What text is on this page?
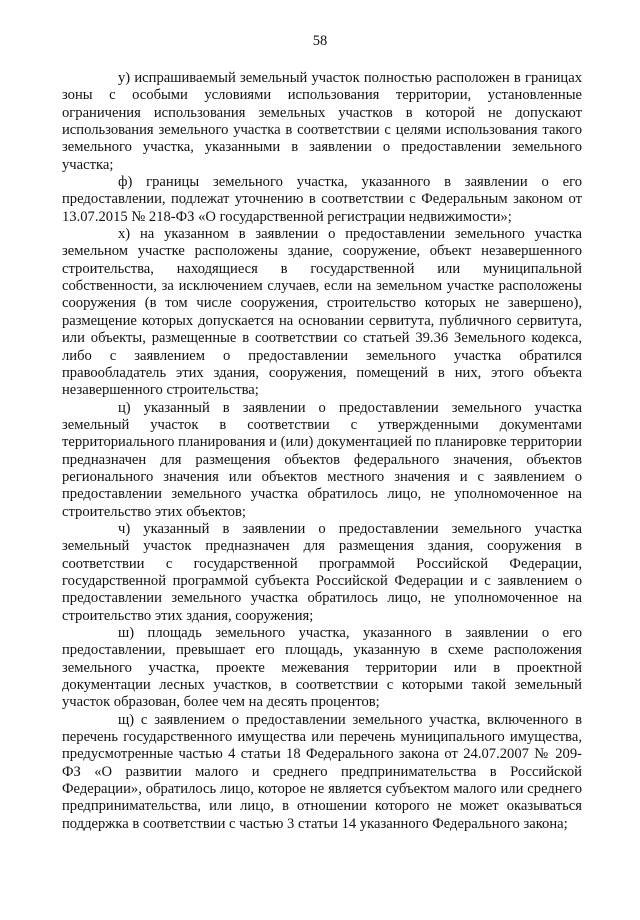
58

у) испрашиваемый земельный участок полностью расположен в границах зоны с особыми условиями использования территории, установленные ограничения использования земельных участков в которой не допускают использования земельного участка в соответствии с целями использования такого земельного участка, указанными в заявлении о предоставлении земельного участка;

ф) границы земельного участка, указанного в заявлении о его предоставлении, подлежат уточнению в соответствии с Федеральным законом от 13.07.2015 № 218-ФЗ «О государственной регистрации недвижимости»;

х) на указанном в заявлении о предоставлении земельного участка земельном участке расположены здание, сооружение, объект незавершенного строительства, находящиеся в государственной или муниципальной собственности, за исключением случаев, если на земельном участке расположены сооружения (в том числе сооружения, строительство которых не завершено), размещение которых допускается на основании сервитута, публичного сервитута, или объекты, размещенные в соответствии со статьей 39.36 Земельного кодекса, либо с заявлением о предоставлении земельного участка обратился правообладатель этих здания, сооружения, помещений в них, этого объекта незавершенного строительства;

ц) указанный в заявлении о предоставлении земельного участка земельный участок в соответствии с утвержденными документами территориального планирования и (или) документацией по планировке территории предназначен для размещения объектов федерального значения, объектов регионального значения или объектов местного значения и с заявлением о предоставлении земельного участка обратилось лицо, не уполномоченное на строительство этих объектов;

ч) указанный в заявлении о предоставлении земельного участка земельный участок предназначен для размещения здания, сооружения в соответствии с государственной программой Российской Федерации, государственной программой субъекта Российской Федерации и с заявлением о предоставлении земельного участка обратилось лицо, не уполномоченное на строительство этих здания, сооружения;

ш) площадь земельного участка, указанного в заявлении о его предоставлении, превышает его площадь, указанную в схеме расположения земельного участка, проекте межевания территории или в проектной документации лесных участков, в соответствии с которыми такой земельный участок образован, более чем на десять процентов;

щ) с заявлением о предоставлении земельного участка, включенного в перечень государственного имущества или перечень муниципального имущества, предусмотренные частью 4 статьи 18 Федерального закона от 24.07.2007 № 209-ФЗ «О развитии малого и среднего предпринимательства в Российской Федерации», обратилось лицо, которое не является субъектом малого или среднего предпринимательства, или лицо, в отношении которого не может оказываться поддержка в соответствии с частью 3 статьи 14 указанного Федерального закона;
